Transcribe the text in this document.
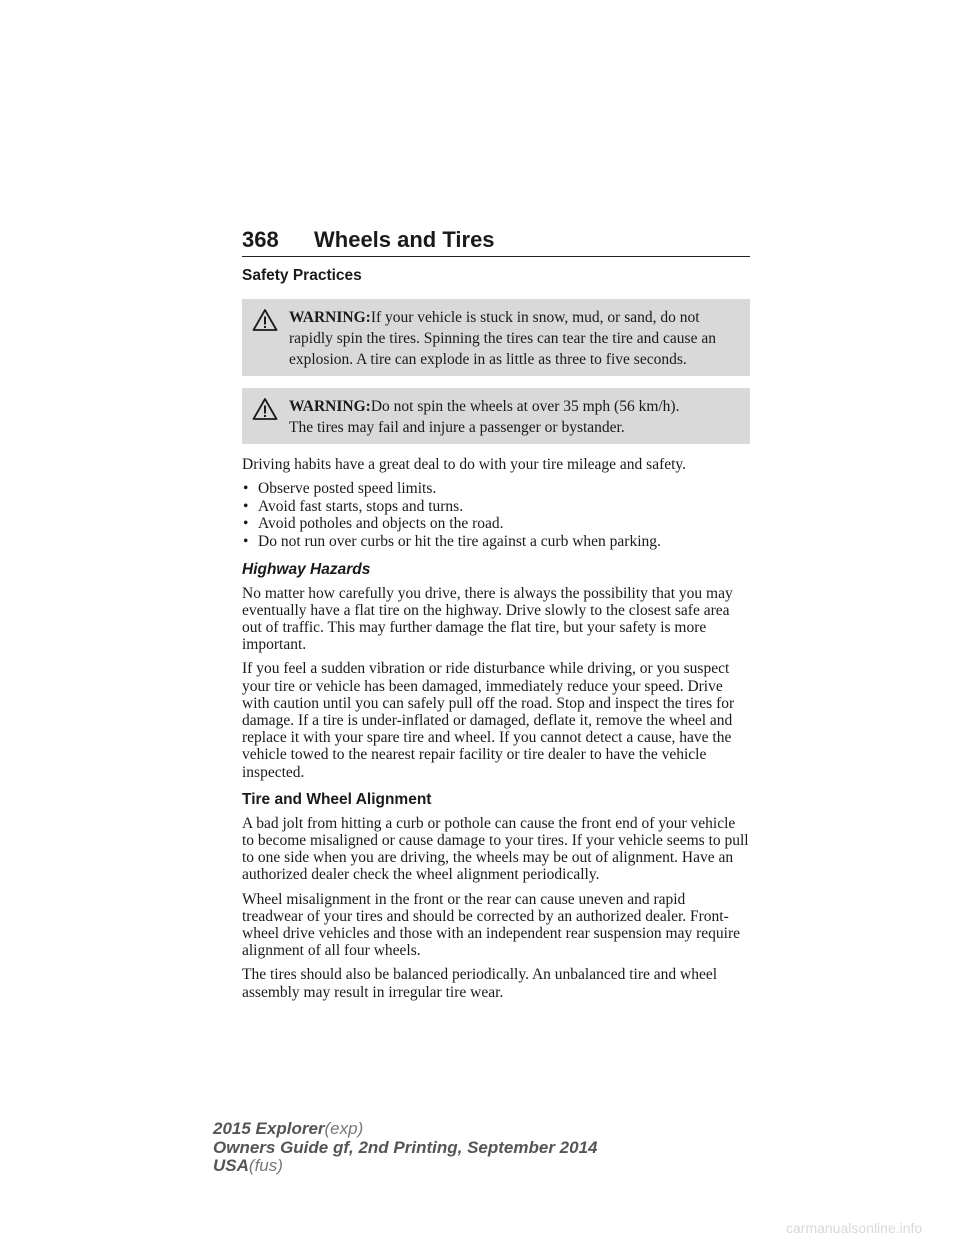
368	Wheels and Tires
Safety Practices
WARNING:If your vehicle is stuck in snow, mud, or sand, do not
rapidly spin the tires. Spinning the tires can tear the tire and cause an explosion. A tire can explode in as little as three to five seconds.
WARNING:Do not spin the wheels at over 35 mph (56 km/h).
The tires may fail and injure a passenger or bystander.

Driving habits have a great deal to do with your tire mileage and safety.

• Observe posted speed limits.
• Avoid fast starts, stops and turns.
• Avoid potholes and objects on the road.
• Do not run over curbs or hit the tire against a curb when parking.
Highway Hazards

No matter how carefully you drive, there is always the possibility that you may eventually have a flat tire on the highway. Drive slowly to the closest safe area out of traffic. This may further damage the flat tire, but your safety is more important.

If you feel a sudden vibration or ride disturbance while driving, or you suspect your tire or vehicle has been damaged, immediately reduce your speed. Drive with caution until you can safely pull off the road. Stop and inspect the tires for damage. If a tire is under-inflated or damaged, deflate it, remove the wheel and replace it with your spare tire and wheel. If you cannot detect a cause, have the vehicle towed to the nearest repair facility or tire dealer to have the vehicle inspected.

Tire and Wheel Alignment

A bad jolt from hitting a curb or pothole can cause the front end of your vehicle to become misaligned or cause damage to your tires. If your vehicle seems to pull to one side when you are driving, the wheels may be out of alignment. Have an authorized dealer check the wheel alignment periodically.

Wheel misalignment in the front or the rear can cause uneven and rapid treadwear of your tires and should be corrected by an authorized dealer. Front-wheel drive vehicles and those with an independent rear suspension may require alignment of all four wheels.

The tires should also be balanced periodically. An unbalanced tire and wheel assembly may result in irregular tire wear.

2015 Explorer(exp)
Owners Guide gf, 2nd Printing, September 2014
USA(fus)
carmanualsonline.info
